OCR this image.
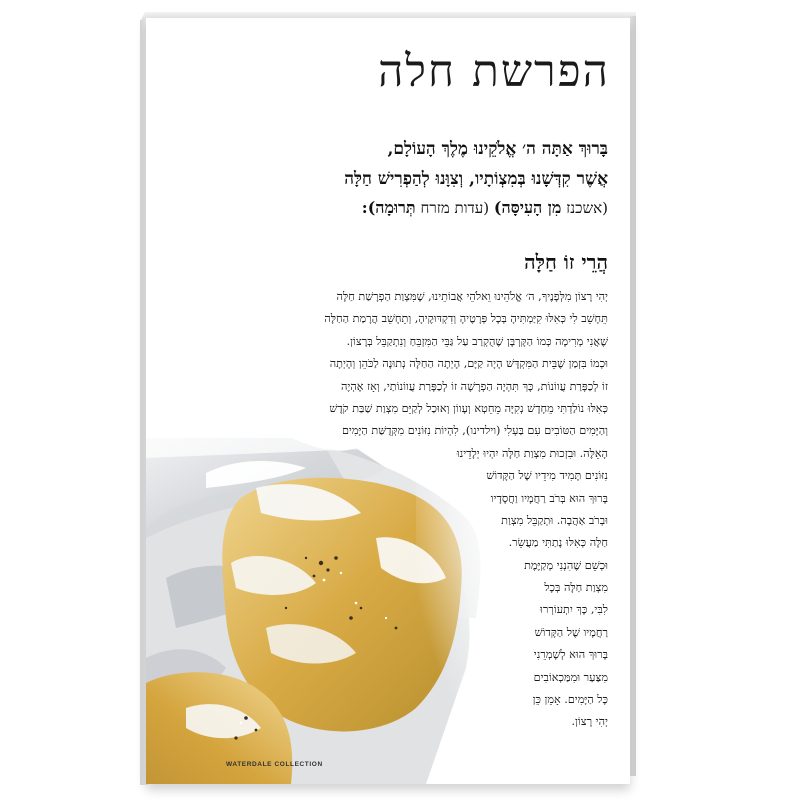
הפרשת חלה
בָּרוּךְ אַתָּה ה׳ אֱלֹקֵינוּ מֶלֶךְ הָעוֹלָם,
אֲשֶׁר קִדְּשָׁנוּ בְּמִצְוֹתָיו, וְצִוָּנוּ לְהַפְרִישׁ חַלָּה
(אשכנז מִן הָעִיסָּה) (עדות מזרח תְּרוּמָה):
הֲרֵי זוֹ חַלָּה
יְהִי רָצוֹן מִלְּפָנֶיךָ, ה׳ אֱלֹהֵינוּ וֵאלֹהֵי אֲבוֹתֵינוּ, שֶׁמִּצְוַת הַפְרָשַׁת חַלָּה
תֵּחָשֵׁב לִי כְּאִלּוּ קִיַּמְתִּיהָ בְּכָל פְּרָטֶיהָ וְדִקְדּוּקֶיהָ, וְתֵחָשֵׁב הֲרָמַת הַחַלָּה
שֶׁאֲנִי מְרִימָה כְּמוֹ הַקָּרְבָּן שֶׁהֻקְרַב עַל גַּבֵּי הַמִּזְבֵּחַ וְנִתְקַבֵּל בְּרָצוֹן.
וּכְמוֹ בִּזְמַן שֶׁבֵּית הַמִּקְדָּשׁ הָיָה קַיָּם, הָיְתָה הַחַלָּה נְתוּנָה לַכֹּהֵן וְהָיְתָה
זוֹ לְכַפָּרַת עֲווֹנוֹת, כָּךְ תִּהְיֶה הַפְרָשָׁה זוֹ לְכַפָּרַת עֲווֹנוֹתַי, וְאָז אֶהְיֶה
כְּאִלּוּ נוֹלַדְתִּי מֵחָדָשׁ נְקִיָּה מֵחֵטְא וְעָווֹן וְאוּכַל לְקַיֵּם מִצְוַת שַׁבַּת קֹדֶשׁ
וְהַיָּמִים הַטּוֹבִים עִם בַּעְלִי (וילדינו), לִהְיוֹת נִזּוֹנִים מִקְּדֻשַּׁת הַיָּמִים
הָאֵלֶּה. וּבִזְכוּת מִצְוַת חַלָּה יִהְיוּ יְלָדֵינוּ
נִזּוֹנִים תָּמִיד מִידֵיו שֶׁל הַקָּדוֹשׁ
בָּרוּךְ הוּא בְּרֹב רַחֲמָיו וַחֲסָדָיו
וּבְרֹב אַהֲבָה. וּתְקַבֵּל מִצְוַת
חַלָּה כְּאִלּוּ נָתַתִּי מַעֲשֵׂר.
וּכְשֵׁם שֶׁהִנְנִי מְקַיֶּמֶת
מִצְוַת חַלָּה בְּכָל
לִבִּי, כָּךְ יִתְעוֹרְרוּ
רַחֲמָיו שֶׁל הַקָּדוֹשׁ
בָּרוּךְ הוּא לְשָׁמְרֵנִי
מִצַּעַר וּמִמַּכְאוֹבִים
כָּל הַיָּמִים. אָמֵן כֵּן
יְהִי רָצוֹן.
WATERDALE COLLECTION
